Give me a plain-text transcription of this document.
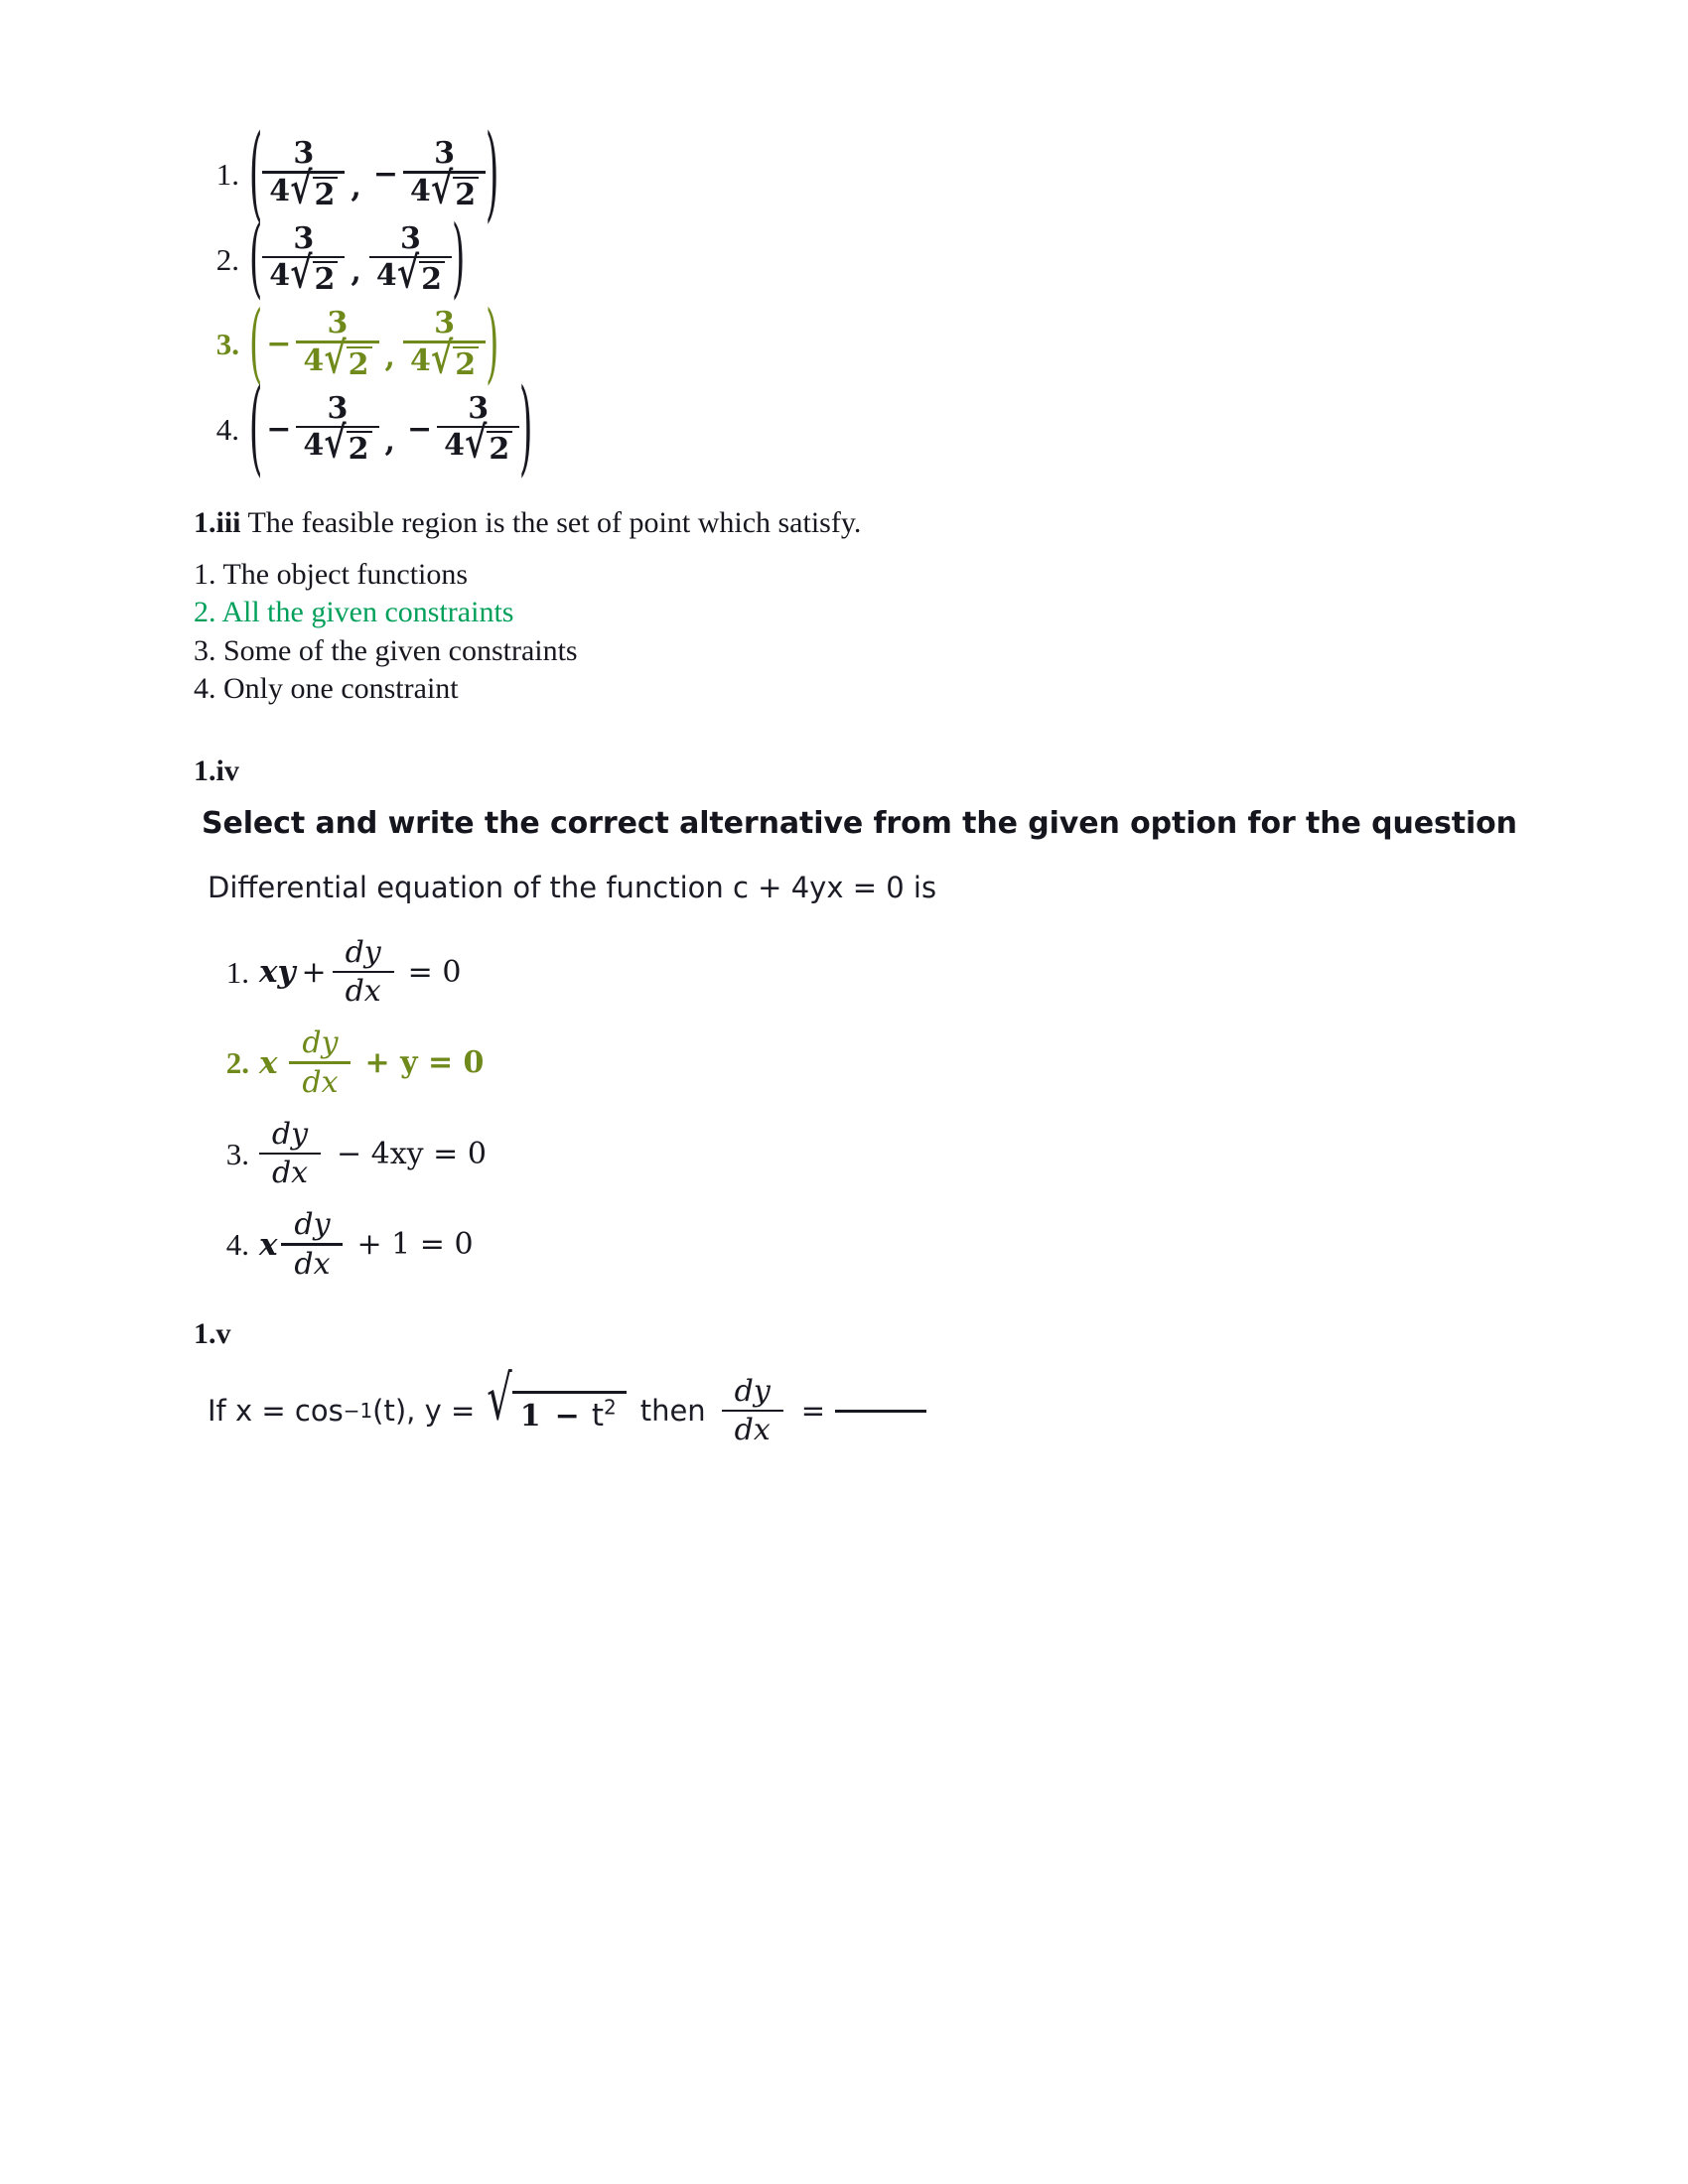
1. ( $\frac{3}{4 √ 2}$ , − $\frac{3}{4 √ 2}$ )
2. ( $\frac{3}{4 √ 2}$ , $\frac{3}{4 √ 2}$ )
3. ( − $\frac{3}{4 √ 2}$ , $\frac{3}{4 √ 2}$ )
4. ( − $\frac{3}{4 √ 2}$ , − $\frac{3}{4 √ 2}$ )
1.iii The feasible region is the set of point which satisfy.
1. The object functions
2. All the given constraints
3. Some of the given constraints
4. Only one constraint
1.iv
Select and write the correct alternative from the given option for the question
Differential equation of the function c + 4yx = 0 is
1. xy + $\frac{dy}{dx} = 0$
2. x $\frac{dy}{dx} + y = 0$
3. $\frac{dy}{dx} - 4xy = 0$
4. x $\frac{dy}{dx} + 1 = 0$
1.v
If x = cos −1 (t), y = √ $1 - t^2$ then $\frac{dy}{dx}$ =
